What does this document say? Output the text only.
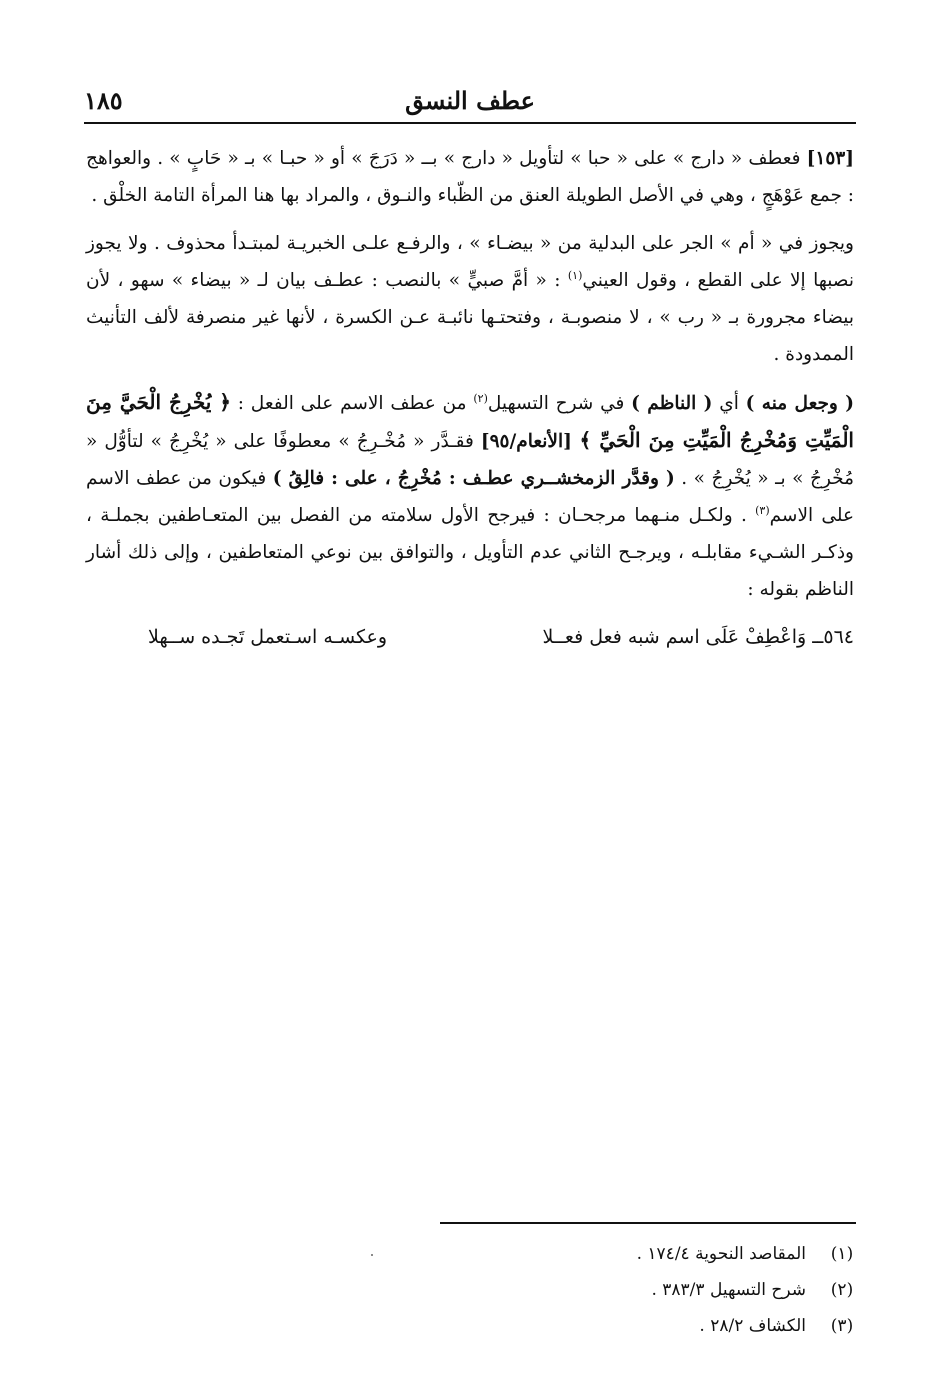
عطف النسق
١٨٥

[١٥٣] فعطف « دارج » على « حبا » لتأويل « دارج » بــ « دَرَجَ » أو « حبـا » بـ « حَابٍ » . والعواهج : جمع عَوْهَجٍ ، وهي في الأصل الطويلة العنق من الظّباء والنـوق ، والمراد بها هنا المرأة التامة الخلْق .

ويجوز في « أم » الجر على البدلية من « بيضـاء » ، والرفـع علـى الخبريـة لمبتـدأ محذوف . ولا يجوز نصبها إلا على القطع ، وقول العيني$^{(١)}$ : « أمَّ صبيٍّ » بالنصب : عطـف بيان لـ « بيضاء » سهو ، لأن بيضاء مجرورة بـ « رب » ، لا منصوبـة ، وفتحتـها نائبـة عـن الكسرة ، لأنها غير منصرفة لألف التأنيث الممدودة .

( وجعل منه ) أي ( الناظم ) في شرح التسهيل$^{(٢)}$ من عطف الاسم على الفعل : ﴿ يُخْرِجُ الْحَيَّ مِنَ الْمَيِّتِ وَمُخْرِجُ الْمَيِّتِ مِنَ الْحَيِّ ﴾ [الأنعام/٩٥] فقـدَّر « مُخْـرِجُ » معطوفًا على « يُخْرِجُ » لتأوُّل « مُخْرِجُ » بـ « يُخْرِجُ » . ( وقدَّر الزمخشــري عطـف : مُخْرِجُ ، على : فالِقُ ) فيكون من عطف الاسم على الاسم$^{(٣)}$ . ولكـل منـهما مرجحـان : فيرجح الأول سلامته من الفصل بين المتعـاطفين بجملـة ، وذكـر الشـيء مقابلـه ، ويرجـح الثاني عدم التأويل ، والتوافق بين نوعي المتعاطفين ، وإلى ذلك أشار الناظم بقوله :

٥٦٤ــ وَاعْطِفْ عَلَى اسم شبه فعل فعــلا
وعكسـه اسـتعمل تَجـده ســهلا
(١)
المقاصد النحوية ١٧٤/٤ .
(٢)
شرح التسهيل ٣٨٣/٣ .
(٣)
الكشاف ٢٨/٢ .
